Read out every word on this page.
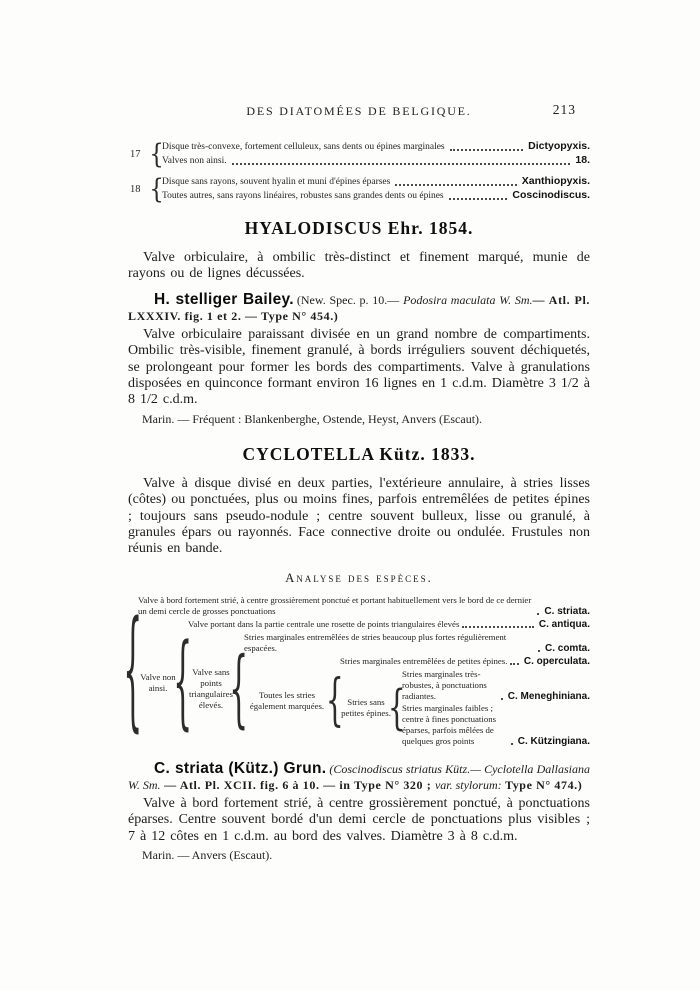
DES DIATOMÉES DE BELGIQUE.	213
17 {
Disque très-convexe, fortement celluleux, sans dents ou épines marginales	Dictyopyxis.
Valves non ainsi.	18.
18 {
Disque sans rayons, souvent hyalin et muni d'épines éparses	Xanthiopyxis.
Toutes autres, sans rayons linéaires, robustes sans grandes dents ou épines	Coscinodiscus.
HYALODISCUS Ehr. 1854.

Valve orbiculaire, à ombilic très-distinct et finement marqué, munie de rayons ou de lignes décussées.

H. stelliger Bailey. (New. Spec. p. 10.— Podosira maculata W. Sm.— Atl. Pl. LXXXIV. fig. 1 et 2. — Type N° 454.)

Valve orbiculaire paraissant divisée en un grand nombre de compartiments. Ombilic très-visible, finement granulé, à bords irréguliers souvent déchiquetés, se prolongeant pour former les bords des compartiments. Valve à granulations disposées en quinconce formant environ 16 lignes en 1 c.d.m. Diamètre 3 1/2 à 8 1/2 c.d.m.

Marin. — Fréquent : Blankenberghe, Ostende, Heyst, Anvers (Escaut).

CYCLOTELLA Kütz. 1833.

Valve à disque divisé en deux parties, l'extérieure annulaire, à stries lisses (côtes) ou ponctuées, plus ou moins fines, parfois entremêlées de petites épines ; toujours sans pseudo-nodule ; centre souvent bulleux, lisse ou granulé, à granules épars ou rayonnés. Face connective droite ou ondulée. Frustules non réunis en bande.

Analyse des espèces.
{
Valve à bord fortement strié, à centre grossièrement ponctué et portant habituellement vers le bord de ce dernier un demi cercle de grosses ponctuations	C. striata.
Valve non ainsi. {
Valve portant dans la partie centrale une rosette de points triangulaires élevés	C. antiqua.
Valve sans points triangulaires élevés. {
Stries marginales entremêlées de stries beaucoup plus fortes régulièrement espacées.	C. comta.
Toutes les stries également marquées. {
Stries marginales entremêlées de petites épines. C. operculata.
Stries sans petites épines.
{
Stries marginales très-robustes, à ponctuations radiantes.	C. Meneghiniana.
Stries marginales faibles ; centre à fines ponctuations éparses, parfois mêlées de quelques gros points	C. Kützingiana.

C. striata (Kütz.) Grun. (Coscinodiscus striatus Kütz.— Cyclotella Dallasiana W. Sm. — Atl. Pl. XCII. fig. 6 à 10. — in Type N° 320 ; var. stylorum: Type N° 474.)

Valve à bord fortement strié, à centre grossièrement ponctué, à ponctuations éparses. Centre souvent bordé d'un demi cercle de ponctuations plus visibles ; 7 à 12 côtes en 1 c.d.m. au bord des valves. Diamètre 3 à 8 c.d.m.

Marin. — Anvers (Escaut).
